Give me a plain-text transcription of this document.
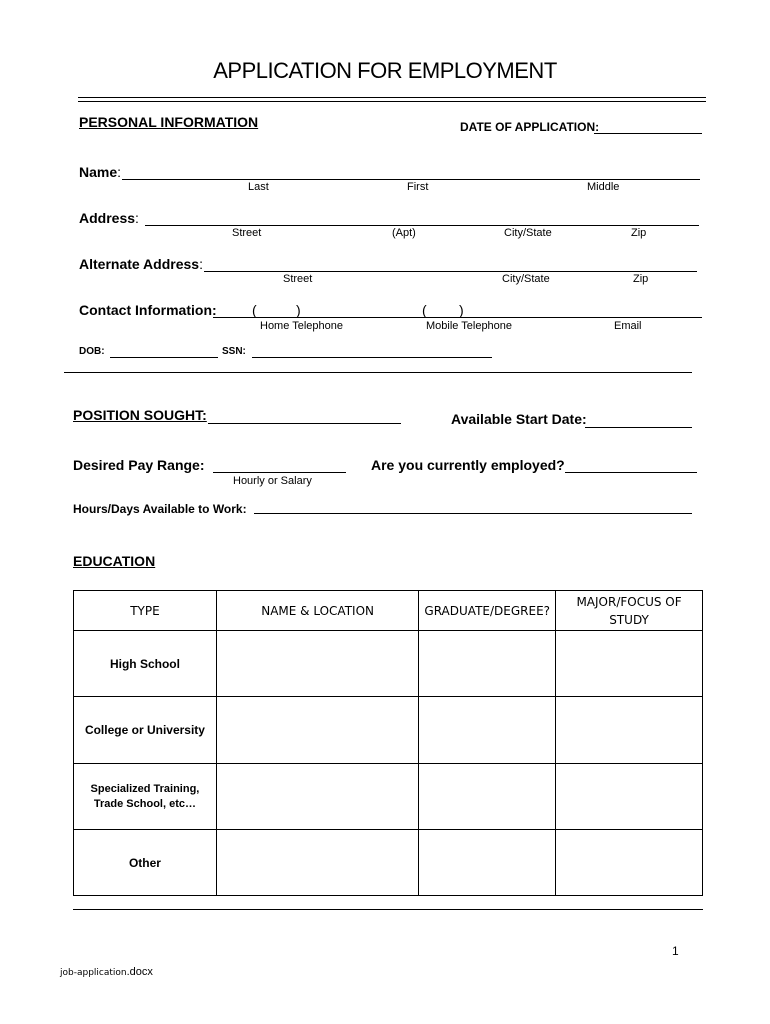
APPLICATION FOR EMPLOYMENT
PERSONAL INFORMATION	DATE OF APPLICATION:
Name:
Last	First	Middle
Address:
Street	(Apt)	City/State	Zip
Alternate Address:
Street	City/State	Zip
Contact Information:	(	)	( )
Home Telephone	Mobile Telephone	Email
DOB:	SSN:
POSITION SOUGHT:	Available Start Date:
Desired Pay Range:
Hourly or Salary
Are you currently employed?
Hours/Days Available to Work:
EDUCATION
TYPE	NAME & LOCATION	GRADUATE/DEGREE?	MAJOR/FOCUS OF STUDY
High School			
College or University			
Specialized Training, Trade School, etc…			
Other			
1
job-application.docx
